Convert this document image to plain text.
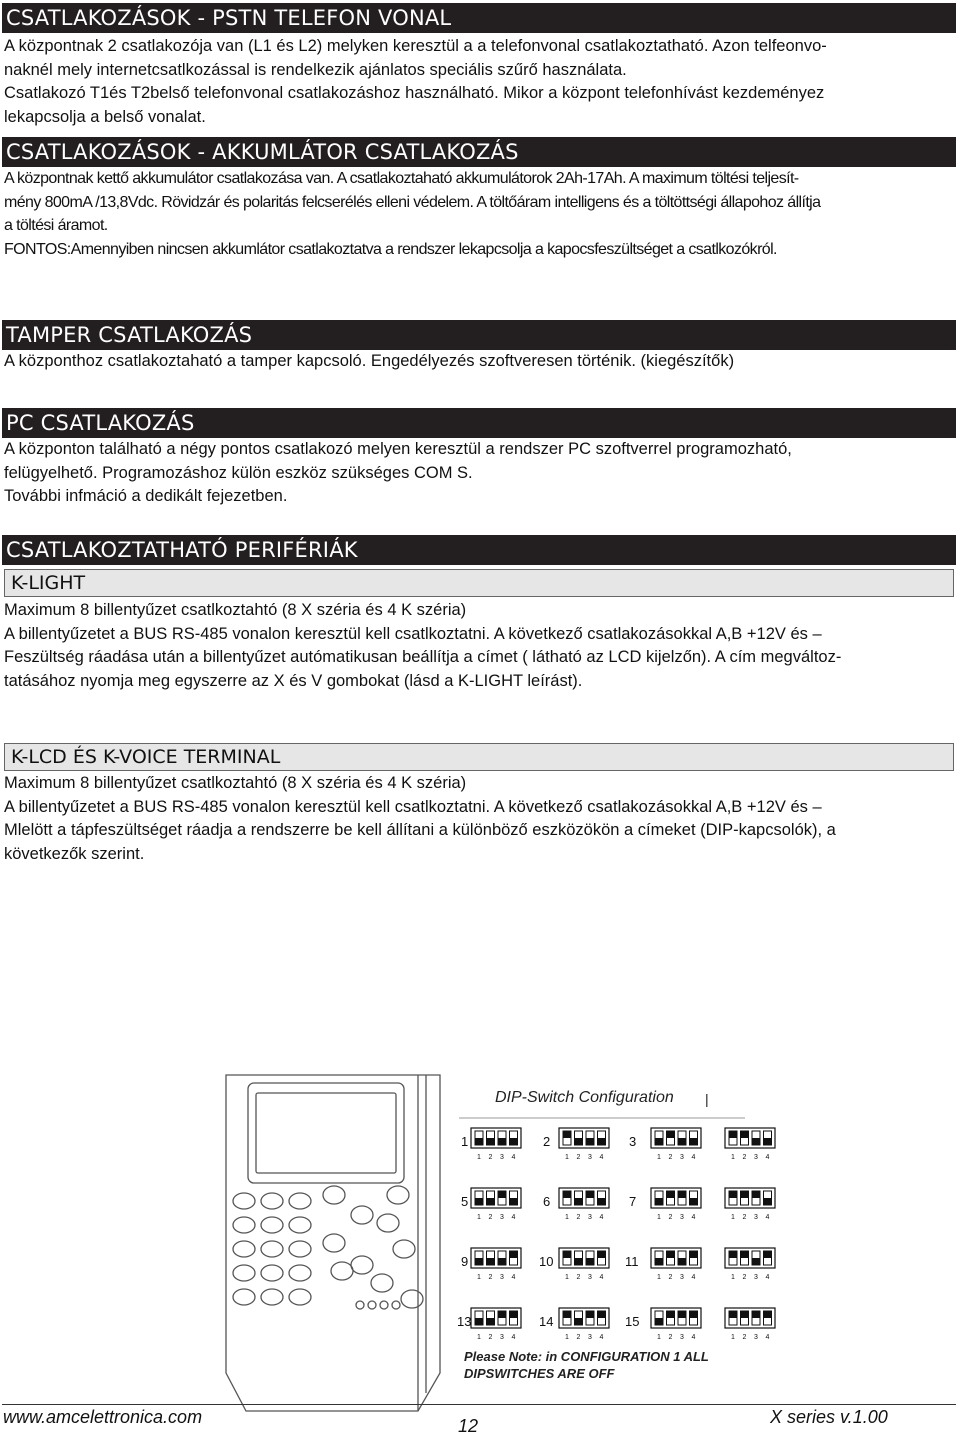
CSATLAKOZÁSOK - PSTN TELEFON VONAL
A központnak 2 csatlakozója van (L1 és L2) melyken keresztül a a telefonvonal csatlakoztatható. Azon telfeonvo-
naknél mely internetcsatlkozással is rendelkezik ajánlatos speciális szűrő használata.
Csatlakozó T1és T2belső telefonvonal csatlakozáshoz használható. Mikor a központ telefonhívást kezdeményez
lekapcsolja a belső vonalat.
CSATLAKOZÁSOK - AKKUMLÁTOR CSATLAKOZÁS
A központnak kettő akkumulátor csatlakozása van. A csatlakoztaható akkumulátorok 2Ah-17Ah. A maximum töltési teljesít-
mény 800mA /13,8Vdc. Rövidzár és polaritás felcserélés elleni védelem. A töltőáram intelligens és a töltöttségi állapohoz állítja
a töltési áramot.
FONTOS:Amennyiben nincsen akkumlátor csatlakoztatva a rendszer lekapcsolja a kapocsfeszültséget a csatlkozókról.
TAMPER CSATLAKOZÁS
A központhoz csatlakoztaható a tamper kapcsoló. Engedélyezés szoftveresen történik. (kiegészítők)
PC CSATLAKOZÁS
A központon található a négy pontos csatlakozó melyen keresztül a rendszer PC szoftverrel programozható,
felügyelhető. Programozáshoz külön eszköz szükséges COM S.
További infmáció a dedikált fejezetben.
CSATLAKOZTATHATÓ PERIFÉRIÁK
K-LIGHT
Maximum 8 billentyűzet csatlkoztahtó (8 X széria és 4 K széria)
A billentyűzetet a BUS RS-485 vonalon keresztül kell csatlkoztatni. A következő csatlakozásokkal A,B +12V és –
Feszültség ráadása után a billentyűzet autómatikusan beállítja a címet ( látható az LCD kijelzőn). A cím megváltoz-
tatásához nyomja meg egyszerre az X és V gombokat (lásd a K-LIGHT leírást).
K-LCD ÉS K-VOICE TERMINAL
Maximum 8 billentyűzet csatlkoztahtó (8 X széria és 4 K széria)
A billentyűzetet a BUS RS-485 vonalon keresztül kell csatlkoztatni. A következő csatlakozásokkal A,B +12V és –
Mlelött a tápfeszültséget ráadja a rendszerre be kell állítani a különböző eszközökön a címeket (DIP-kapcsolók), a
következők szerint.
DIP-Switch Configuration |
1
1 2 3 4
2
1 2 3 4
3
1 2 3 4	1 2 3 4
5
1 2 3 4
6
1 2 3 4
7
1 2 3 4	1 2 3 4
9
1 2 3 4
10
1 2 3 4
11
1 2 3 4	1 2 3 4
13
1 2 3 4
14
1 2 3 4
15
1 2 3 4	1 2 3 4
Please Note: in CONFIGURATION 1 ALL
DIPSWITCHES ARE OFF
www.amcelettronica.com	12	X series v.1.00
